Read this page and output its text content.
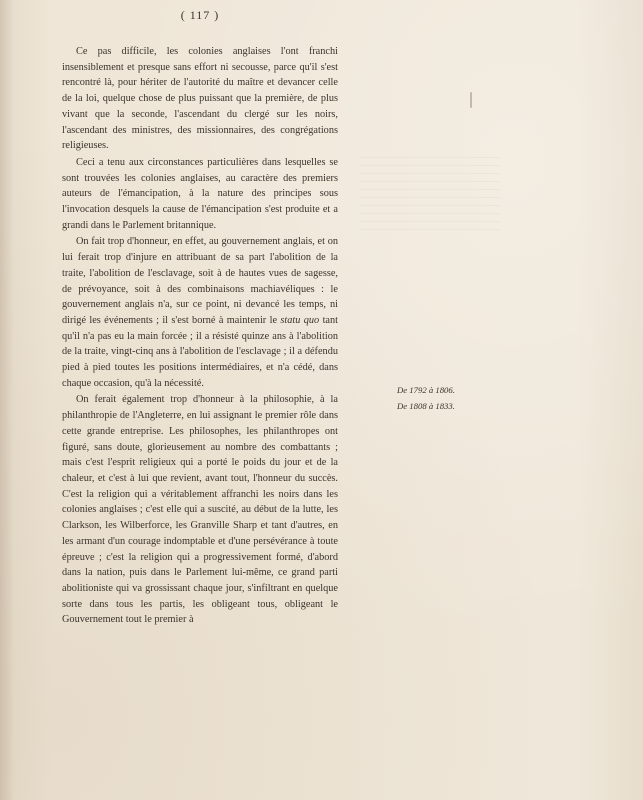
( 117 )

Ce pas difficile, les colonies anglaises l'ont franchi insensiblement et presque sans effort ni secousse, parce qu'il s'est rencontré là, pour hériter de l'autorité du maître et devancer celle de la loi, quelque chose de plus puissant que la première, de plus vivant que la seconde, l'ascendant du clergé sur les noirs, l'ascendant des ministres, des missionnaires, des congrégations religieuses.

Ceci a tenu aux circonstances particulières dans lesquelles se sont trouvées les colonies anglaises, au caractère des premiers auteurs de l'émancipation, à la nature des principes sous l'invocation desquels la cause de l'émancipation s'est produite et a grandi dans le Parlement britannique.

On fait trop d'honneur, en effet, au gouvernement anglais, et on lui ferait trop d'injure en attribuant de sa part l'abolition de la traite, l'abolition de l'esclavage, soit à de hautes vues de sagesse, de prévoyance, soit à des combinaisons machiavéliques : le gouvernement anglais n'a, sur ce point, ni devancé les temps, ni dirigé les événements ; il s'est borné à maintenir le statu quo tant qu'il n'a pas eu la main forcée ; il a résisté quinze ans à l'abolition de la traite, vingt-cinq ans à l'abolition de l'esclavage ; il a défendu pied à pied toutes les positions intermédiaires, et n'a cédé, dans chaque occasion, qu'à la nécessité.

On ferait également trop d'honneur à la philosophie, à la philanthropie de l'Angleterre, en lui assignant le premier rôle dans cette grande entreprise. Les philosophes, les philanthropes ont figuré, sans doute, glorieusement au nombre des combattants ; mais c'est l'esprit religieux qui a porté le poids du jour et de la chaleur, et c'est à lui que revient, avant tout, l'honneur du succès. C'est la religion qui a véritablement affranchi les noirs dans les colonies anglaises ; c'est elle qui a suscité, au début de la lutte, les Clarkson, les Wilberforce, les Granville Sharp et tant d'autres, en les armant d'un courage indomptable et d'une persévérance à toute épreuve ; c'est la religion qui a progressivement formé, d'abord dans la nation, puis dans le Parlement lui-même, ce grand parti abolitioniste qui va grossissant chaque jour, s'infiltrant en quelque sorte dans tous les partis, les obligeant tous, obligeant le Gouvernement tout le premier à

De 1792 à 1806.
De 1808 à 1833.
